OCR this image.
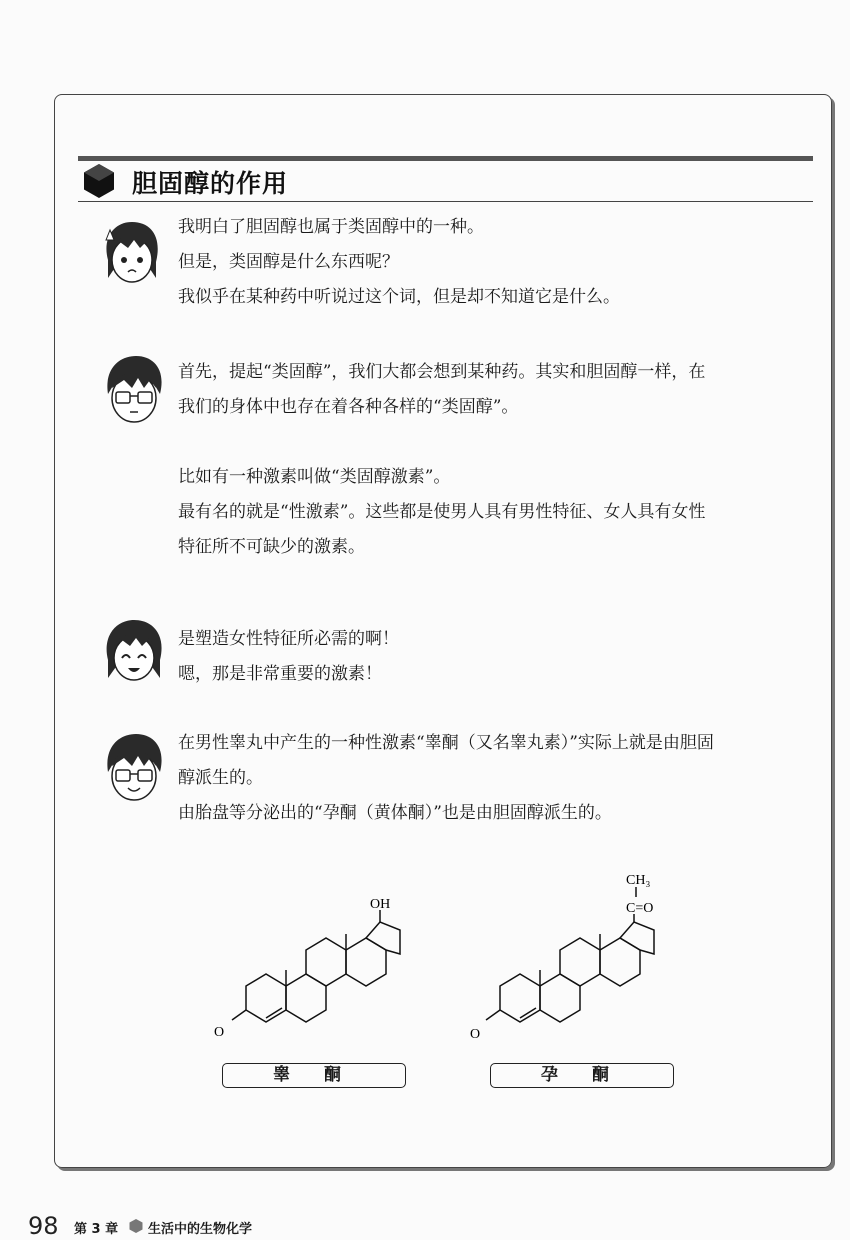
胆固醇的作用
我明白了胆固醇也属于类固醇中的一种。
但是，类固醇是什么东西呢？
我似乎在某种药中听说过这个词，但是却不知道它是什么。
首先，提起“类固醇”，我们大都会想到某种药。其实和胆固醇一样，在
我们的身体中也存在着各种各样的“类固醇”。
比如有一种激素叫做“类固醇激素”。
最有名的就是“性激素”。这些都是使男人具有男性特征、女人具有女性
特征所不可缺少的激素。
是塑造女性特征所必需的啊！
嗯，那是非常重要的激素！
在男性睾丸中产生的一种性激素“睾酮（又名睾丸素）”实际上就是由胆固
醇派生的。
由胎盘等分泌出的“孕酮（黄体酮）”也是由胆固醇派生的。
OH
O
睾 酮
CH₃
C=O
O
孕 酮
98 第 3 章 生活中的生物化学
